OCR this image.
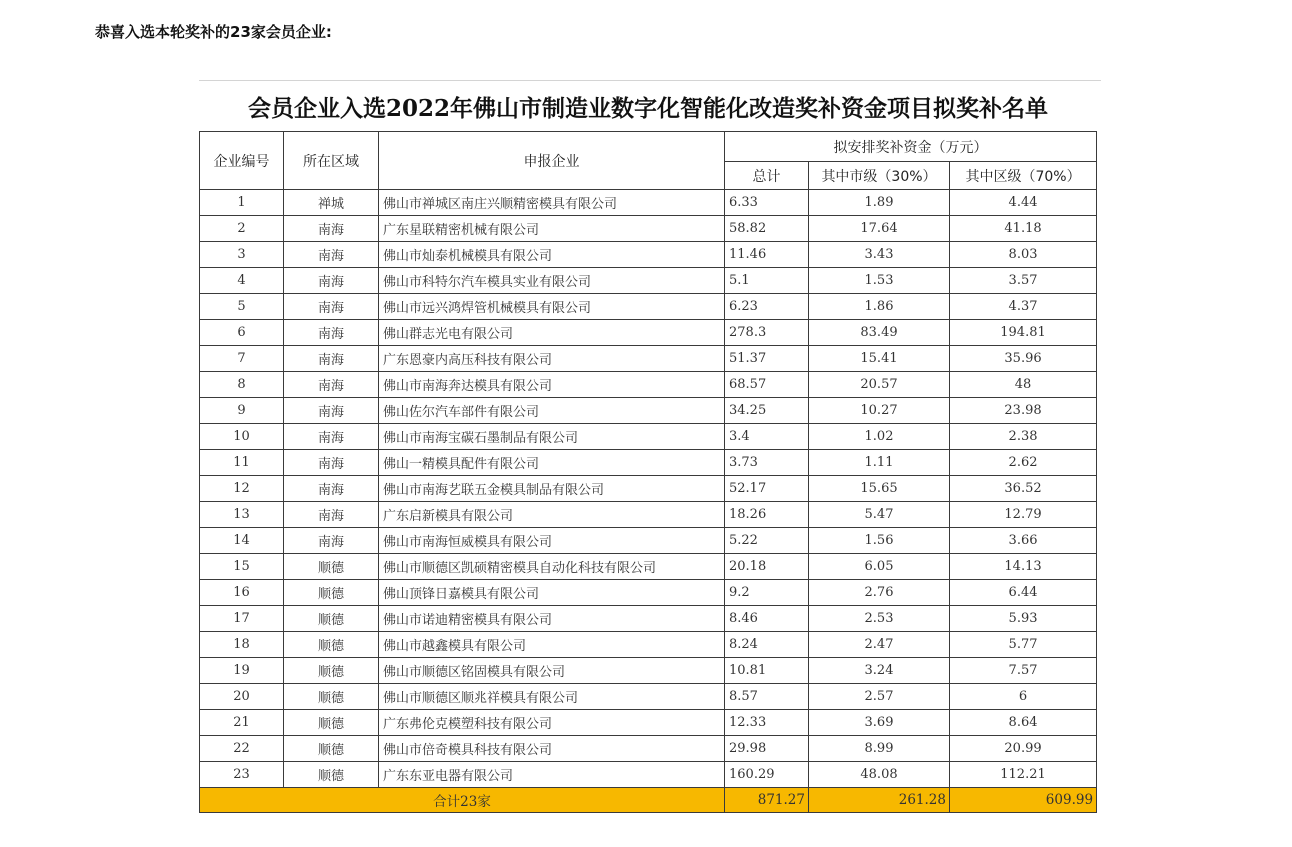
恭喜入选本轮奖补的23家会员企业:
会员企业入选2022年佛山市制造业数字化智能化改造奖补资金项目拟奖补名单					
企业编号	所在区域	申报企业	拟安排奖补资金（万元）		
			总计	其中市级（30%）	其中区级（70%）
1	禅城	佛山市禅城区南庄兴顺精密模具有限公司	6.33	1.89	4.44
2	南海	广东星联精密机械有限公司	58.82	17.64	41.18
3	南海	佛山市灿泰机械模具有限公司	11.46	3.43	8.03
4	南海	佛山市科特尔汽车模具实业有限公司	5.1	1.53	3.57
5	南海	佛山市远兴鸿焊管机械模具有限公司	6.23	1.86	4.37
6	南海	佛山群志光电有限公司	278.3	83.49	194.81
7	南海	广东恩豪内高压科技有限公司	51.37	15.41	35.96
8	南海	佛山市南海奔达模具有限公司	68.57	20.57	48
9	南海	佛山佐尔汽车部件有限公司	34.25	10.27	23.98
10	南海	佛山市南海宝碳石墨制品有限公司	3.4	1.02	2.38
11	南海	佛山一精模具配件有限公司	3.73	1.11	2.62
12	南海	佛山市南海艺联五金模具制品有限公司	52.17	15.65	36.52
13	南海	广东启新模具有限公司	18.26	5.47	12.79
14	南海	佛山市南海恒威模具有限公司	5.22	1.56	3.66
15	顺德	佛山市顺德区凯硕精密模具自动化科技有限公司	20.18	6.05	14.13
16	顺德	佛山顶锋日嘉模具有限公司	9.2	2.76	6.44
17	顺德	佛山市诺迪精密模具有限公司	8.46	2.53	5.93
18	顺德	佛山市越鑫模具有限公司	8.24	2.47	5.77
19	顺德	佛山市顺德区铭固模具有限公司	10.81	3.24	7.57
20	顺德	佛山市顺德区顺兆祥模具有限公司	8.57	2.57	6
21	顺德	广东弗伦克模塑科技有限公司	12.33	3.69	8.64
22	顺德	佛山市倍奇模具科技有限公司	29.98	8.99	20.99
23	顺德	广东东亚电器有限公司	160.29	48.08	112.21
合计23家			871.27	261.28	609.99
